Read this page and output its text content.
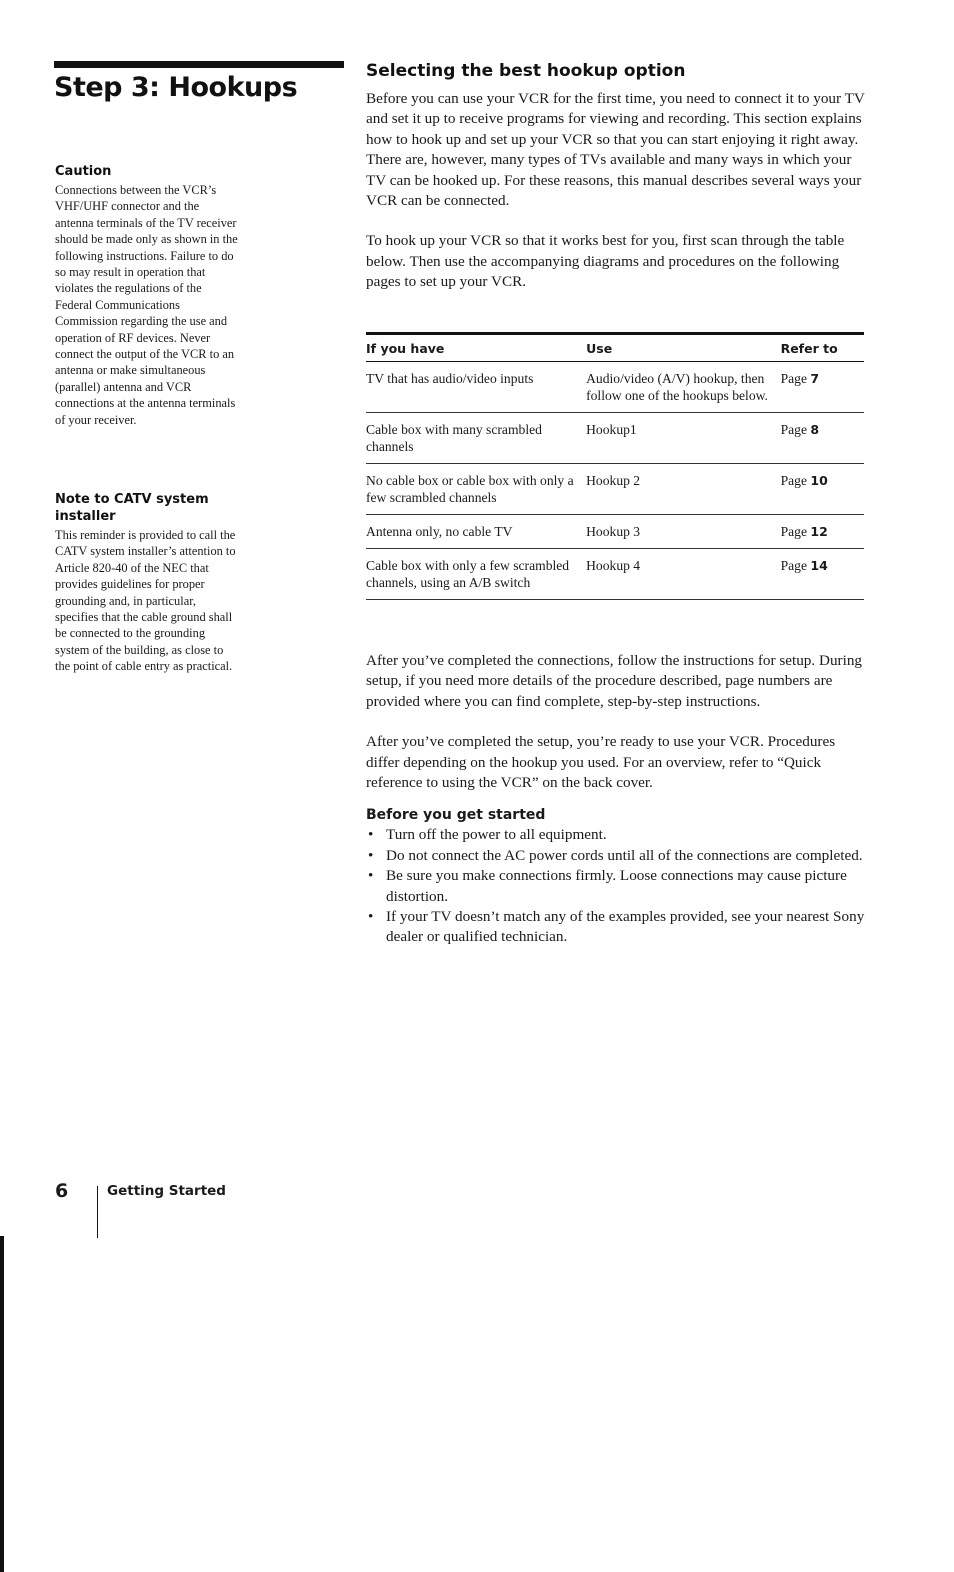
Step 3: Hookups
Caution

Connections between the VCR’s VHF/UHF connector and the antenna terminals of the TV receiver should be made only as shown in the following instructions. Failure to do so may result in operation that violates the regulations of the Federal Communications Commission regarding the use and operation of RF devices. Never connect the output of the VCR to an antenna or make simultaneous (parallel) antenna and VCR connections at the antenna terminals of your receiver.

Note to CATV system installer

This reminder is provided to call the CATV system installer’s attention to Article 820-40 of the NEC that provides guidelines for proper grounding and, in particular, specifies that the cable ground shall be connected to the grounding system of the building, as close to the point of cable entry as practical.

Selecting the best hookup option

Before you can use your VCR for the first time, you need to connect it to your TV and set it up to receive programs for viewing and recording. This section explains how to hook up and set up your VCR so that you can start enjoying it right away. There are, however, many types of TVs available and many ways in which your TV can be hooked up. For these reasons, this manual describes several ways your VCR can be connected.

To hook up your VCR so that it works best for you, first scan through the table below. Then use the accompanying diagrams and procedures on the following pages to set up your VCR.

If you have	Use	Refer to
TV that has audio/video inputs	Audio/video (A/V) hookup, then follow one of the hookups below.	Page 7
Cable box with many scrambled channels	Hookup1	Page 8
No cable box or cable box with only a few scrambled channels	Hookup 2	Page 10
Antenna only, no cable TV	Hookup 3	Page 12
Cable box with only a few scrambled channels, using an A/B switch	Hookup 4	Page 14

After you’ve completed the connections, follow the instructions for setup. During setup, if you need more details of the procedure described, page numbers are provided where you can find complete, step-by-step instructions.

After you’ve completed the setup, you’re ready to use your VCR. Procedures differ depending on the hookup you used. For an overview, refer to “Quick reference to using the VCR” on the back cover.

Before you get started
• Turn off the power to all equipment.
• Do not connect the AC power cords until all of the connections are completed.
• Be sure you make connections firmly. Loose connections may cause picture distortion.
• If your TV doesn’t match any of the examples provided, see your nearest Sony dealer or qualified technician.
6	Getting Started
